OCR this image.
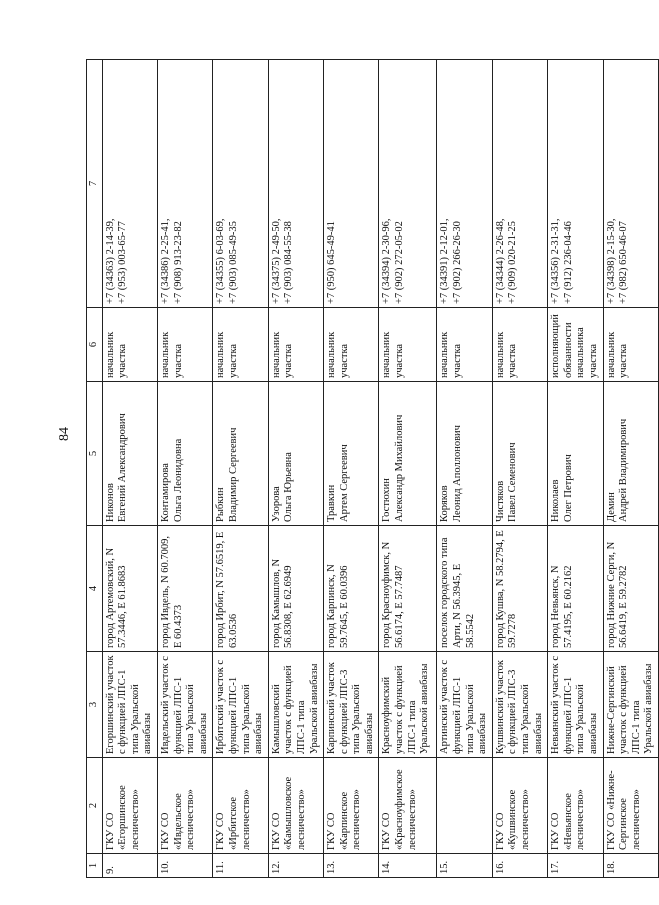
84
1	2	3	4	5	6	7
9.	ГКУ СО «Егоршинское лесничество»	Егоршинский участок с функцией ЛПС-1 типа Уральской авиабазы	город Артемовский, N 57.3446, E 61.8683	Никонов Евгений Александрович	начальник участка	+7 (34363) 2-14-39, +7 (953) 003-65-77

10.	ГКУ СО «Ивдельское лесничество»	Ивдельский участок с функцией ЛПС-1 типа Уральской авиабазы	город Ивдель, N 60.7009, E 60.4373	Контамирова Ольга Леонидовна	начальник участка	+7 (34386) 2-25-41, +7 (908) 913-23-82

11.	ГКУ СО «Ирбитское лесничество»	Ирбитский участок с функцией ЛПС-1 типа Уральской авиабазы	город Ирбит, N 57.6519, E 63.0536	Рыбкин Владимир Сергеевич	начальник участка	+7 (34355) 6-03-69, +7 (903) 085-49-35

12.	ГКУ СО «Камышловское лесничество»	Камышловский участок с функцией ЛПС-1 типа Уральской авиабазы	город Камышлов, N 56.8308, E 62.6949	Узорова Ольга Юрьевна	начальник участка	+7 (34375) 2-49-50, +7 (903) 084-55-38

13.	ГКУ СО «Карпинское лесничество»	Карпинский участок с функцией ЛПС-3 типа Уральской авиабазы	город Карпинск, N 59.7645, E 60.0396	Травкин Артем Сергеевич	начальник участка	+7 (950) 645-49-41

14.	ГКУ СО «Красноуфимское лесничество»	Красноуфимский участок с функцией ЛПС-1 типа Уральской авиабазы	город Красноуфимск, N 56.6174, E 57.7487	Гостюхин Александр Михайлович	начальник участка	+7 (34394) 2-30-96, +7 (902) 272-05-02

15.		Артинский участок с функцией ЛПС-1 типа Уральской авиабазы	поселок городского типа Арти, N 56.3945, E 58.5542	Коряков Леонид Аполлонович	начальник участка	+7 (34391) 2-12-01, +7 (902) 266-26-30

16.	ГКУ СО «Кушвинское лесничество»	Кушвинский участок с функцией ЛПС-3 типа Уральской авиабазы	город Кушва, N 58.2794, E 59.7278	Чистяков Павел Семенович	начальник участка	+7 (34344) 2-26-48, +7 (909) 020-21-25

17.	ГКУ СО «Невьянское лесничество»	Невьянский участок с функцией ЛПС-1 типа Уральской авиабазы	город Невьянск, N 57.4195, E 60.2162	Николаев Олег Петрович	исполняющий обязанности начальника участка	+7 (34356) 2-31-31, +7 (912) 236-04-46

18.	ГКУ СО «Нижне-Сергинское лесничество»	Нижне-Сергинский участок с функцией ЛПС-1 типа Уральской авиабазы	город Нижние Серги, N 56.6419, E 59.2782	Демин Андрей Владимирович	начальник участка	+7 (34398) 2-15-30, +7 (982) 650-46-07
